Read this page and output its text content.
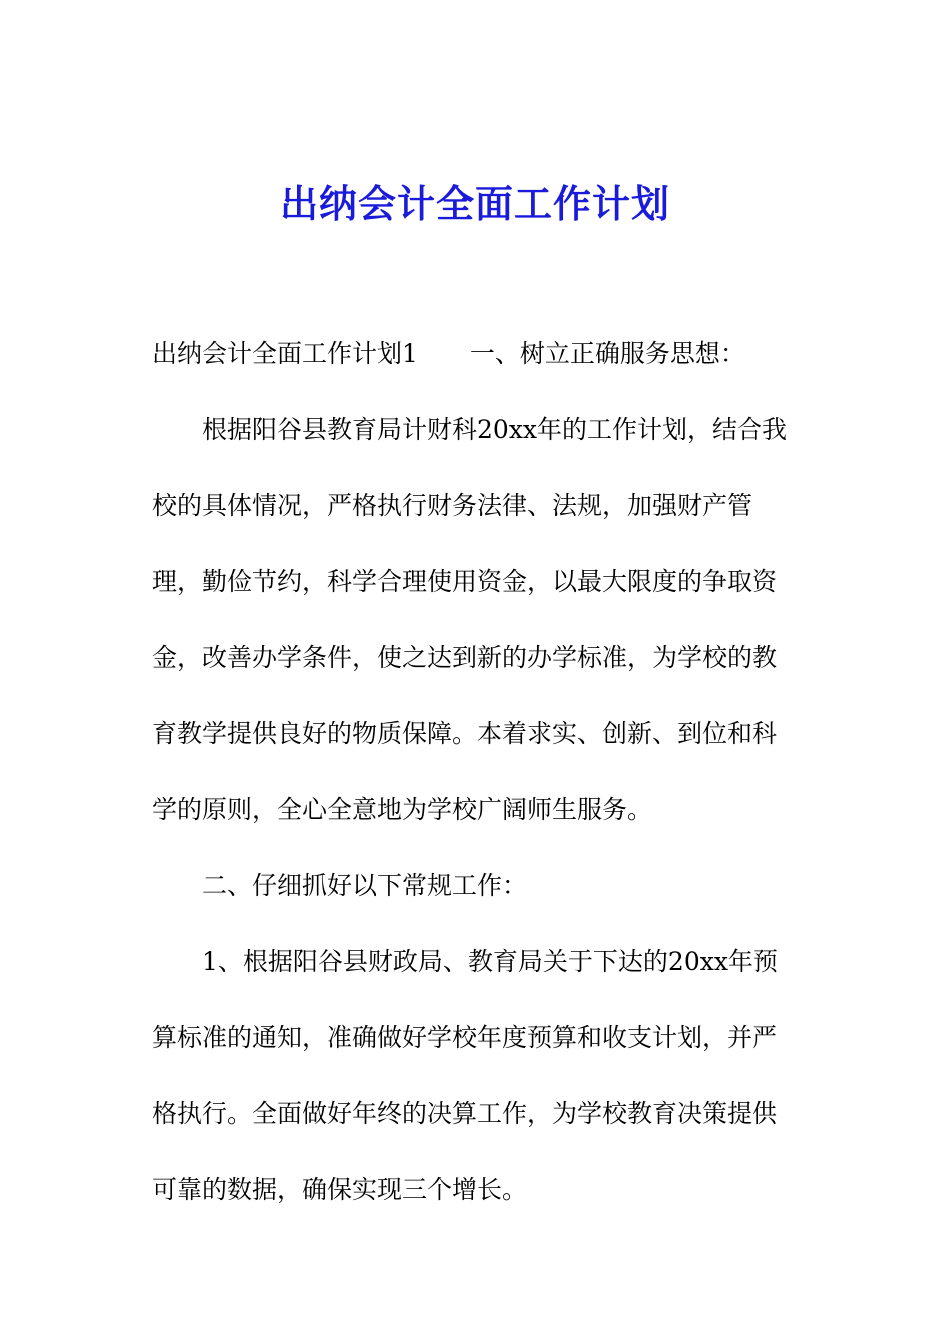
出纳会计全面工作计划
出纳会计全面工作计划1 一、树立正确服务思想：
根据阳谷县教育局计财科20xx年的工作计划，结合我
校的具体情况，严格执行财务法律、法规，加强财产管
理，勤俭节约，科学合理使用资金，以最大限度的争取资
金，改善办学条件，使之达到新的办学标准，为学校的教
育教学提供良好的物质保障。本着求实、创新、到位和科
学的原则，全心全意地为学校广阔师生服务。
二、仔细抓好以下常规工作：
1、根据阳谷县财政局、教育局关于下达的20xx年预
算标准的通知，准确做好学校年度预算和收支计划，并严
格执行。全面做好年终的决算工作，为学校教育决策提供
可靠的数据，确保实现三个增长。
